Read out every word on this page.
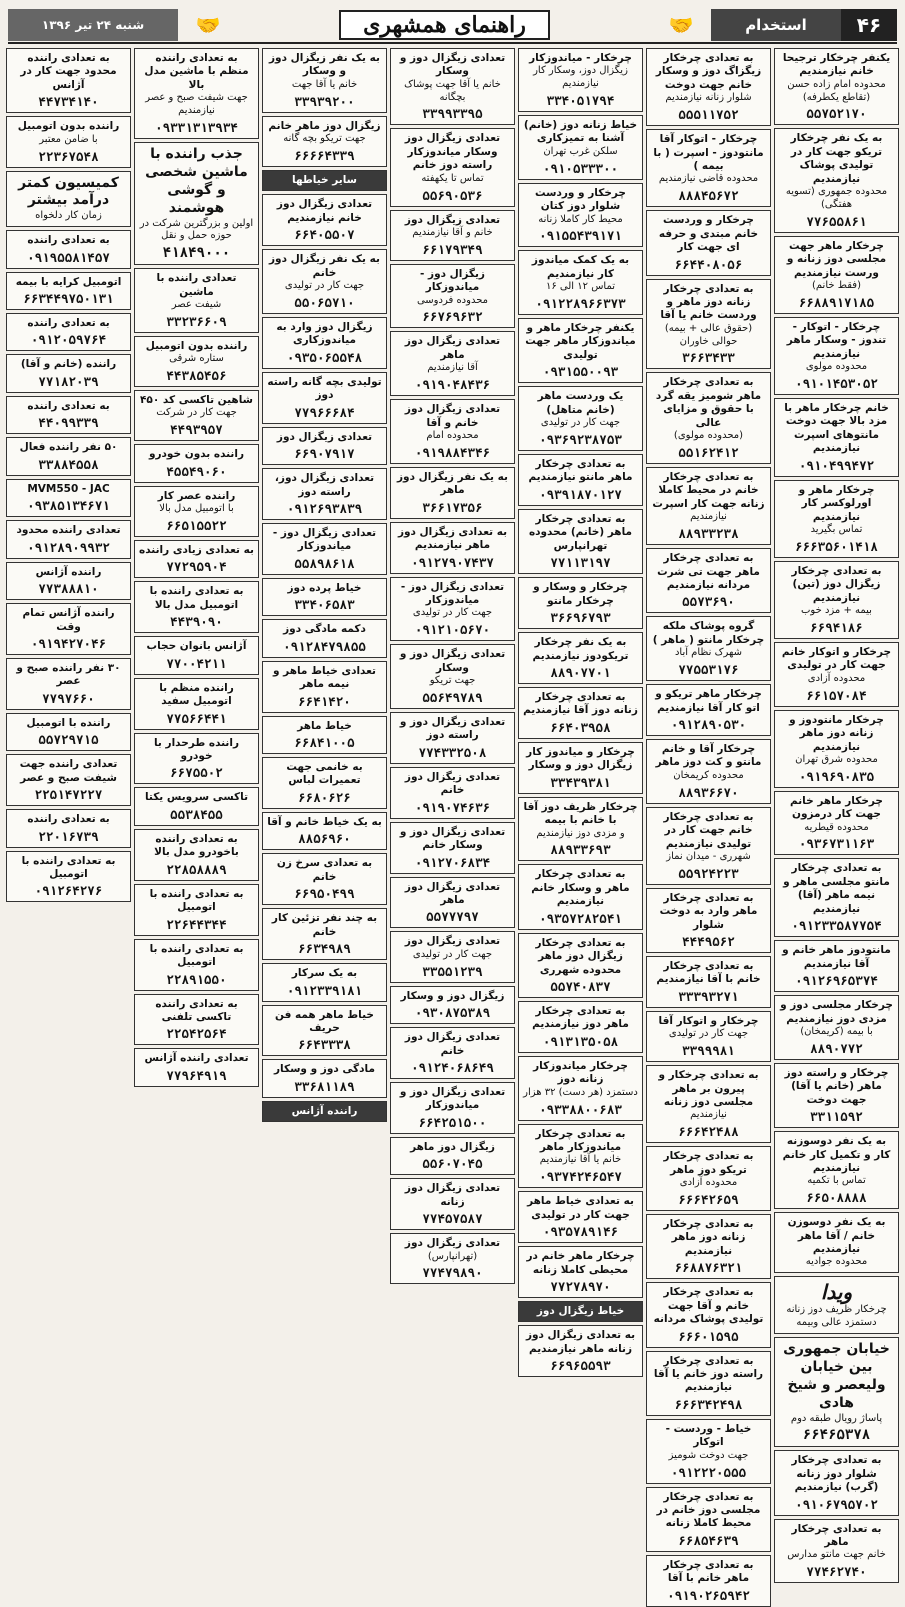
۴۶
استخدام
🤝
راهنمای همشهری
🤝
شنبه ۲۴ تیر ۱۳۹۶
یکنفر چرخکار ترجیحا خانم نیازمندیم
محدوده امام زاده حسن (تقاطع یکطرفه)
۵۵۷۵۲۱۷۰
به یک نفر چرخکار تریکو جهت کار در تولیدی پوشاک نیازمندیم
محدوده جمهوری (تسویه هفتگی)
۷۷۶۵۵۸۶۱
چرخکار ماهر جهت مجلسی دوز زنانه و ورست نیازمندیم
(فقط خانم)
۶۶۸۸۹۱۷۱۸۵
چرخکار - اتوکار - تندوز - وسکار ماهر نیازمندیم
محدوده مولوی
۰۹۱۰۱۴۵۳۰۵۲
خانم چرخکار ماهر با مزد بالا جهت دوخت مانتوهای اسپرت نیازمندیم
۰۹۱۰۴۹۹۴۷۲
چرخکار ماهر و اورلوکسر کار نیازمندیم
تماس بگیرید
۶۶۶۳۵۶۰۱۴۱۸
به تعدادی چرخکار زیگزال دوز (تین) نیازمندیم
بیمه + مزد خوب
۶۶۹۴۱۸۶
چرخکار و اتوکار خانم جهت کار در تولیدی
محدوده آزادی
۶۶۱۵۷۰۸۴
چرخکار مانتودوز و زنانه دوز ماهر نیازمندیم
محدوده شرق تهران
۰۹۱۹۶۹۰۸۳۵
چرخکار ماهر خانم جهت کار درمزون
محدوده قیطریه
۰۹۳۶۷۳۱۱۶۳
به تعدادی چرخکار مانتو مجلسی ماهر و نیمه ماهر (آقا) نیازمندیم
۰۹۱۲۳۳۵۸۷۷۵۴
مانتودوز ماهر خانم و آقا نیازمندیم
۰۹۱۲۶۹۶۵۳۷۴
چرخکار مجلسی دوز و مزدی دوز نیازمندیم
با بیمه (کریمخان)
۸۸۹۰۷۷۲
چرخکار و راسته دوز ماهر (خانم یا آقا) جهت دوخت
۳۳۱۱۵۹۲
به یک نفر دوسوزنه کار و تکمیل کار خانم نیازمندیم
تماس با تکمیه
۶۶۵۰۸۸۸۸
به یک نفر دوسوزن خانم / آقا ماهر نیازمندیم
محدوده جوادیه
ویدا
چرخکار ظریف دوز زنانه دستمزد عالی وبیمه
خیابان جمهوری بین خیابان ولیعصر و شیخ هادی
پاساژ رویال طبقه دوم
۶۶۴۶۵۳۷۸
به تعدادی چرخکار شلوار دوز زنانه (گرب) نیازمندیم
۰۹۱۰۶۷۹۵۷۰۲
به تعدادی چرخکار ماهر
خانم جهت مانتو مدارس
۷۷۴۶۲۷۴۰
به تعدادی چرخکار زیگزاگ دوز و وسکار خانم جهت دوخت
شلوار زنانه نیازمندیم
۵۵۵۱۱۷۵۲
چرخکار - اتوکار آقا مانتودوز - اسپرت ( با بیمه )
محدوده قاضی نیازمندیم
۸۸۸۴۵۶۷۲
چرخکار و وردست خانم مبتدی و حرفه ای جهت کار
۶۶۴۴۰۸۰۵۶
به تعدادی چرخکار زنانه دوز ماهر و وردست خانم یا آقا
(حقوق عالی + بیمه) حوالی خاوران
۳۶۶۳۴۳۳
به تعدادی چرخکار ماهر شومیز یقه گرد با حقوق و مزایای عالی
(محدوده مولوی)
۵۵۱۶۲۴۱۲
به تعدادی چرخکار خانم در محیط کاملا زنانه جهت کار اسپرت
نیازمندیم
۸۸۹۳۳۲۳۸
به تعدادی چرخکار ماهر جهت تی شرت مردانه نیازمندیم
۵۵۷۳۶۹۰
گروه پوشاک ملکه چرخکار مانتو ( ماهر )
شهرک نظام آباد
۷۷۵۵۳۱۷۶
چرخکار ماهر تریکو و اتو کار آقا نیازمندیم
۰۹۱۲۸۹۰۵۳۰
چرخکار آقا و خانم مانتو و کت دوز ماهر
محدوده کریمخان
۸۸۹۳۶۶۷۰
به تعدادی چرخکار خانم جهت کار در تولیدی نیازمندیم
شهرری - میدان نماز
۵۵۹۲۴۲۲۳
به تعدادی چرخکار ماهر وارد به دوخت شلوار
۴۴۴۹۵۶۲
به تعدادی چرخکار خانم با آقا نیازمندیم
۳۳۳۹۳۲۷۱
چرخکار و اتوکار آقا
جهت کار در تولیدی
۳۳۹۹۹۸۱
به تعدادی چرخکار و پیرون بر ماهر مجلسی دوز زنانه
نیازمندیم
۶۶۶۴۲۴۸۸
به تعدادی چرخکار تریکو دوز ماهر
محدوده آزادی
۶۶۶۴۲۶۵۹
به تعدادی چرخکار زنانه دوز ماهر نیازمندیم
۶۶۸۸۷۶۳۲۱
به تعدادی چرخکار خانم و آقا جهت تولیدی پوشاک مردانه
۶۶۶۰۱۵۹۵
به تعدادی چرخکار راسته دوز خانم یا آقا نیازمندیم
۶۶۶۳۴۲۴۹۸
خیاط - وردست - اتوکار
جهت دوخت شومیز
۰۹۱۲۲۲۰۵۵۵
به تعدادی چرخکار مجلسی دوز خانم در محیط کاملا زنانه
۶۶۸۵۴۶۳۹
به تعدادی چرخکار ماهر خانم با آقا
۰۹۱۹۰۲۶۵۹۴۲
چرخکار - میاندوزکار
زیگزال دوز، وسکار کار نیازمندیم
۳۳۴۰۵۱۷۹۴
خیاط زنانه دوز (خانم) آشنا به تمیزکاری
سلکن غرب تهران
۰۹۱۰۵۳۳۳۰۰
چرخکار و وردست شلوار دوز کتان
محیط کار کاملا زنانه
۰۹۱۵۵۴۳۹۱۷۱
به یک کمک میاندوز کار نیازمندیم
تماس ۱۲ الی ۱۶
۰۹۱۲۲۸۹۶۶۳۷۳
یکنفر چرخکار ماهر و میاندوزکار ماهر جهت تولیدی
۰۹۳۱۵۵۰۰۹۳
یک وردست ماهر (خانم متاهل)
جهت کار در تولیدی
۰۹۳۶۹۲۳۸۷۵۳
به تعدادی چرخکار ماهر مانتو نیازمندیم
۰۹۳۹۱۸۷۰۱۲۷
به تعدادی چرخکار ماهر (خانم) محدوده تهرانپارس
۷۷۱۱۳۱۹۷
چرخکار و وسکار و چرخکار مانتو
۳۶۶۹۶۷۹۳
به یک نفر چرخکار تریکودوز نیازمندیم
۸۸۹۰۷۷۰۱
به تعدادی چرخکار زنانه دوز آقا نیازمندیم
۶۶۴۰۳۹۵۸
چرخکار و میاندوز کار زیگزال دوز و وسکار
۳۳۴۳۹۳۸۱
چرخکار ظریف دوز آقا با خانم با بیمه
و مزدی دوز نیازمندیم
۸۸۹۳۳۶۹۳
به تعدادی چرخکار ماهر و وسکار خانم نیازمندیم
۰۹۳۵۷۲۸۲۵۴۱
به تعدادی چرخکار زیگزال دوز ماهر محدوده شهرری
۵۵۷۴۰۸۳۷
به تعدادی چرخکار ماهر دوز نیازمندیم
۰۹۱۳۱۳۵۰۵۸
چرخکار میاندوزکار زنانه دوز
دستمزد (هر دست) ۳۲ هزار
۰۹۳۳۸۸۰۰۶۸۳
به تعدادی چرخکار میاندوزکار ماهر
خانم یا آقا نیازمندیم
۰۹۳۷۴۲۴۶۵۴۷
به تعدادی خیاط ماهر جهت کار در تولیدی
۰۹۳۵۷۸۹۱۴۶
چرخکار ماهر خانم در محیطی کاملا زنانه
۷۷۲۷۸۹۷۰
خیاط زیگزال دوز
به تعدادی زیگزال دوز زنانه ماهر نیازمندیم
۶۶۹۶۵۵۹۳
تعدادی زیگزال دوز و وسکار
خانم یا آقا جهت پوشاک بچگانه
۳۳۹۹۳۳۹۵
تعدادی زیگزال دوز وسکار میاندوزکار راسته دوز خانم
تماس تا یکهفته
۵۵۶۹۰۵۳۶
تعدادی زیگزال دوز
خانم و آقا نیازمندیم
۶۶۱۷۹۳۴۹
زیگزال دوز - میاندوزکار
محدوده فردوسی
۶۶۷۶۹۶۳۲
تعدادی زیگزال دوز ماهر
آقا نیازمندیم
۰۹۱۹۰۴۸۴۳۶
تعدادی زیگزال دوز خانم و آقا
محدوده امام
۰۹۱۹۸۸۴۳۴۶
به یک نفر زیگزال دوز ماهر
۳۶۶۱۷۳۵۶
به تعدادی زیگزال دوز ماهر نیازمندیم
۰۹۱۲۷۹۰۷۴۳۷
تعدادی زیگزال دوز - میاندوزکار
جهت کار در تولیدی
۰۹۱۲۱۰۵۶۷۰
تعدادی زیگزال دوز و وسکار
جهت تریکو
۵۵۶۴۹۷۸۹
تعدادی زیگزال دوز و راسته دوز
۷۷۴۳۳۲۵۰۸
تعدادی زیگزال دوز خانم
۰۹۱۹۰۷۴۶۳۶
تعدادی زیگزال دوز و وسکار خانم
۰۹۱۲۷۰۶۸۳۴
تعدادی زیگزال دوز ماهر
۵۵۷۷۷۹۷
تعدادی زیگزال دوز
جهت کار در تولیدی
۳۳۵۵۱۲۳۹
زیگزال دوز و وسکار
۰۹۳۰۸۷۵۳۸۹
تعدادی زیگزال دوز خانم
۰۹۱۲۴۰۶۸۶۴۹
تعدادی زیگزال دوز و میاندوزکار
۶۶۴۲۵۱۵۰۰
زیگزال دوز ماهر
۵۵۶۰۷۰۴۵
تعدادی زیگزال دوز زنانه
۷۷۴۵۷۵۸۷
تعدادی زیگزال دوز
(تهرانپارس)
۷۷۴۷۹۸۹۰
به یک نفر زیگزال دوز و وسکار
خانم یا آقا جهت
۳۳۹۳۹۲۰۰
زیگزال دوز ماهر خانم
جهت تریکو بچه گانه
۶۶۶۶۴۳۳۹
سایر خیاطها
تعدادی زیگزال دوز خانم نیازمندیم
۶۶۴۰۵۵۰۷
به یک نفر زیگزال دوز خانم
جهت کار در تولیدی
۵۵۰۶۵۷۱۰
زیگزال دوز وارد به میاندوزکاری
۰۹۳۵۰۶۵۵۴۸
تولیدی بچه گانه راسته دوز
۷۷۹۶۶۶۸۴
تعدادی زیگزال دوز
۶۶۹۰۷۹۱۷
تعدادی زیگزال دوز، راسته دوز
۰۹۱۲۶۹۳۸۳۹
تعدادی زیگزال دوز - میاندوزکار
۵۵۸۹۸۶۱۸
خیاط پرده دوز
۳۳۴۰۶۵۸۳
دکمه مادگی دوز
۰۹۱۲۸۴۷۹۸۵۵
تعدادی خیاط ماهر و نیمه ماهر
۶۶۴۱۴۲۰
خیاط ماهر
۶۶۸۴۱۰۰۵
به خانمی جهت تعمیرات لباس
۶۶۸۰۶۲۶
به یک خیاط خانم و آقا
۸۸۵۶۹۶۰
به تعدادی سرخ زن خانم
۶۶۹۵۰۴۹۹
به چند نفر تزئین کار خانم
۶۶۳۴۹۸۹
به یک سرکار
۰۹۱۲۳۳۹۱۸۱
خیاط ماهر همه فن حریف
۶۶۴۳۳۳۸
مادگی دوز و وسکار
۳۳۶۸۱۱۸۹
راننده آژانس
به تعدادی راننده منظم با ماشین مدل بالا
جهت شیفت صبح و عصر نیازمندیم
۰۹۳۳۱۳۱۳۹۳۴
جذب راننده با ماشین شخصی و گوشی هوشمند
اولین و بزرگترین شرکت در حوزه حمل و نقل
۴۱۸۴۹۰۰۰
تعدادی راننده با ماشین
شیفت عصر
۳۳۲۳۶۶۰۹
راننده بدون اتومبیل
ستاره شرقی
۴۴۳۸۵۴۵۶
شاهین تاکسی کد ۴۵۰
جهت کار در شرکت
۴۴۹۳۹۵۷
راننده بدون خودرو
۴۵۵۴۹۰۶۰
راننده عصر کار
با اتومبیل مدل بالا
۶۶۵۱۵۵۲۲
به تعدادی زیادی راننده
۷۷۲۹۵۹۰۴
به تعدادی راننده با اتومبیل مدل بالا
۴۴۳۹۰۹۰
آژانس بانوان حجاب
۷۷۰۰۴۲۱۱
راننده منظم با اتومبیل سفید
۷۷۵۶۶۴۴۱
راننده طرحدار با خودرو
۶۶۷۵۵۰۲
تاکسی سرویس یکتا
۵۵۳۸۴۵۵
به تعدادی راننده باخودرو مدل بالا
۲۲۸۵۸۸۸۹
به تعدادی راننده با اتومبیل
۲۲۶۴۴۳۴۴
به تعدادی راننده با اتومبیل
۲۲۸۹۱۵۵۰
به تعدادی راننده تاکسی تلفنی
۲۲۵۴۲۵۶۴
تعدادی راننده آژانس
۷۷۹۶۴۹۱۹
به تعدادی راننده محدود جهت کار در آژانس
۴۴۷۳۴۱۴۰
راننده بدون اتومبیل
با ضامن معتبر
۲۲۳۶۷۵۴۸
کمیسیون کمتر درآمد بیشتر
زمان کار دلخواه
به تعدادی راننده
۰۹۱۹۵۵۸۱۴۵۷
اتومبیل کرایه با بیمه
۶۶۳۴۴۹۷۵۰۱۳۱
به تعدادی راننده
۰۹۱۲۰۵۹۷۶۴
راننده (خانم و آقا)
۷۷۱۸۲۰۳۹
به تعدادی راننده
۴۴۰۹۹۳۳۹
۵۰ نفر راننده فعال
۳۳۸۸۴۵۵۸
MVM550 - JAC
۰۹۳۸۵۱۳۴۶۷۱
تعدادی راننده محدود
۰۹۱۲۸۹۰۹۹۳۲
راننده آژانس
۷۷۳۸۸۸۱۰
راننده آژانس تمام وقت
۰۹۱۹۴۲۷۰۴۶
۳۰ نفر راننده صبح و عصر
۷۷۹۷۶۶۰
راننده با اتومبیل
۵۵۷۲۹۷۱۵
تعدادی راننده جهت شیفت صبح و عصر
۲۲۵۱۴۷۲۲۷
به تعدادی راننده
۲۲۰۱۶۷۳۹
به تعدادی راننده با اتومبیل
۰۹۱۲۶۴۲۷۶
